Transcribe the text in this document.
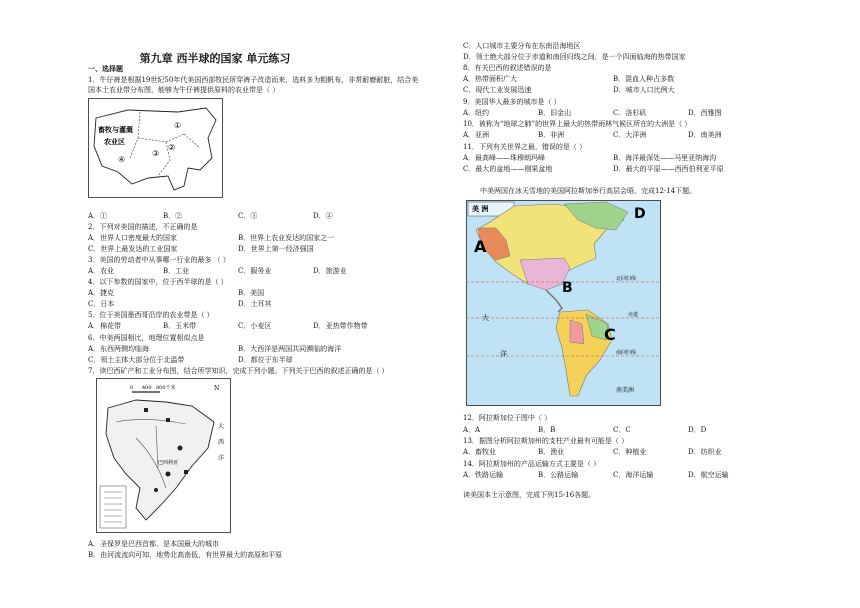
第九章 西半球的国家 单元练习
一、选择题
1．牛仔裤是根据19世纪50年代美国西部牧民所穿裤子改造而来，选料多为粗帆布，非常耐磨耐脏，结合美
国本土农业带分布图，能够为牛仔裤提供原料的农业带是（ ）
畜牧与灌溉
农业区
①
②
③
④
A．①	B．②	C．③	D．④
2．下列对美国的描述，不正确的是
A．世界人口密度最大的国家	B．世界上农业发达的国家之一
C．世界上最发达的工业国家	D．世界上第一经济强国
3．美国的劳动者中从事哪一行业的最多 （ ）
A．农业	B．工业	C．服务业	D．旅游业
4．以下参数的国家中，位于西半球的是（ ）
A．捷克	B．美国
C．日本	D．土耳其
5．位于美国墨西哥沿岸的农业带是（ ）
A．棉花带	B．玉米带	C．小麦区	D．亚热带作物带
6．中美两国相比，地理位置相似点是
A．东西两侧均临海	B．大西洋是两国共同濒临的海洋
C．领土主体大部分位于北温带	D．都位于东半球
7．读巴西矿产和工业分布图，结合所学知识，完成下列小题。下列关于巴西的叙述正确的是（ ）
0 400 800千米	N
巴西利亚
大
西
洋
A．圣保罗是巴西首都，是本国最大的城市
B．由河流流向可知，地势北高南低，有世界最大的高原和平原
C．人口城市主要分布在东南沿海地区
D．领土绝大部分位于赤道和南回归线之间，是一个四面临海的热带国家
8．有关巴西的叙述错误的是
A．热带面积广大	B．混血人种占多数
C．现代工业发展迅速	D．城市人口比例大
9．美国华人最多的城市是（ ）
A．纽约	B．旧金山	C．洛杉矶	D．西雅图
10．被称为“地球之肺”的世界上最大的热带雨林气候区所在的大洲是（ ）
A．亚洲	B．非洲	C．大洋洲	D．南美洲
11．下列有关世界之最，错误的是（ ）
A．最高峰——珠穆朗玛峰	B．海洋最深处——马里亚纳海沟
C．最大的盆地——刚果盆地	D．最大的平原——西西伯利亚平原
中美两国在冰天雪地的美国阿拉斯加举行高层会晤。完成12-14下题。
美 洲
北回归线
赤道
南回归线
A
B
C
D
大
洋
南美洲
12．阿拉斯加位于图中（ ）
A．A	B．B	C．C	D．D
13．据图分析阿拉斯加州的支柱产业最有可能是（ ）
A．畜牧业	B．渔业	C．种植业	D．纺织业
14．阿拉斯加州的产品运输方式主要是（ ）
A．铁路运输	B．公路运输	C．海洋运输	D．航空运输
读美国本土示意图，完成下列15-16各题。
